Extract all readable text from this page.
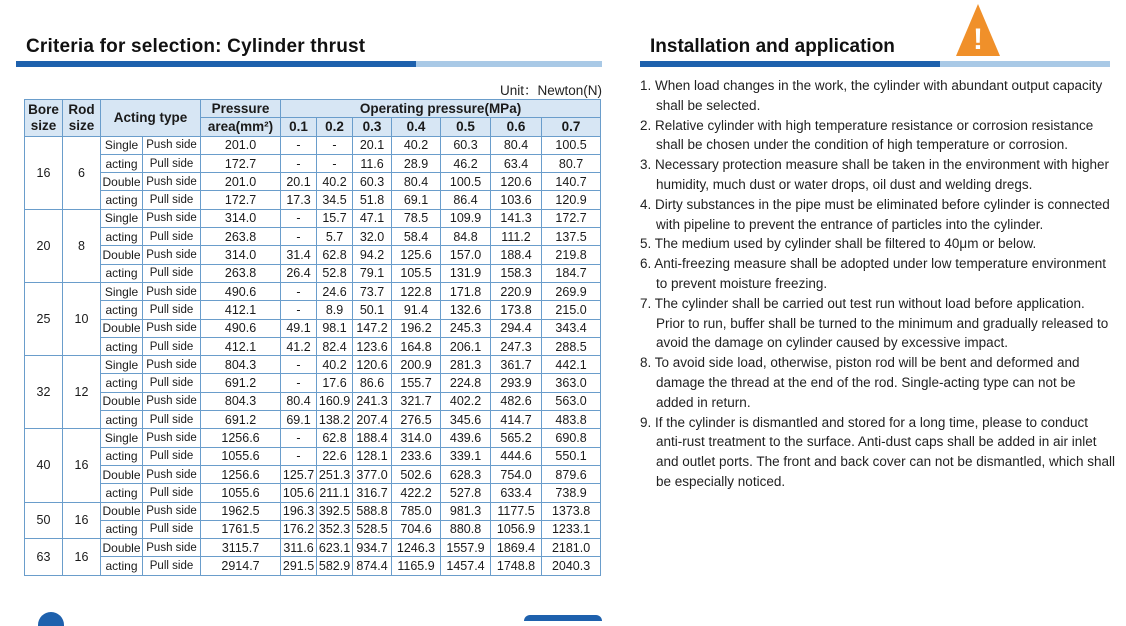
Criteria for selection: Cylinder thrust	Installation and application	!
Unit：Newton(N)
Bore
size	Rod
size	Acting type		Pressure	Operating pressure(MPa)						
				area(mm²)	0.1	0.2	0.3	0.4	0.5	0.6	0.7
16	6	Single	Push side	201.0	-	-	20.1	40.2	60.3	80.4	100.5
		acting	Pull side	172.7	-	-	11.6	28.9	46.2	63.4	80.7
		Double	Push side	201.0	20.1	40.2	60.3	80.4	100.5	120.6	140.7
		acting	Pull side	172.7	17.3	34.5	51.8	69.1	86.4	103.6	120.9
20	8	Single	Push side	314.0	-	15.7	47.1	78.5	109.9	141.3	172.7
		acting	Pull side	263.8	-	5.7	32.0	58.4	84.8	111.2	137.5
		Double	Push side	314.0	31.4	62.8	94.2	125.6	157.0	188.4	219.8
		acting	Pull side	263.8	26.4	52.8	79.1	105.5	131.9	158.3	184.7
25	10	Single	Push side	490.6	-	24.6	73.7	122.8	171.8	220.9	269.9
		acting	Pull side	412.1	-	8.9	50.1	91.4	132.6	173.8	215.0
		Double	Push side	490.6	49.1	98.1	147.2	196.2	245.3	294.4	343.4
		acting	Pull side	412.1	41.2	82.4	123.6	164.8	206.1	247.3	288.5
32	12	Single	Push side	804.3	-	40.2	120.6	200.9	281.3	361.7	442.1
		acting	Pull side	691.2	-	17.6	86.6	155.7	224.8	293.9	363.0
		Double	Push side	804.3	80.4	160.9	241.3	321.7	402.2	482.6	563.0
		acting	Pull side	691.2	69.1	138.2	207.4	276.5	345.6	414.7	483.8
40	16	Single	Push side	1256.6	-	62.8	188.4	314.0	439.6	565.2	690.8
		acting	Pull side	1055.6	-	22.6	128.1	233.6	339.1	444.6	550.1
		Double	Push side	1256.6	125.7	251.3	377.0	502.6	628.3	754.0	879.6
		acting	Pull side	1055.6	105.6	211.1	316.7	422.2	527.8	633.4	738.9
50	16	Double	Push side	1962.5	196.3	392.5	588.8	785.0	981.3	1177.5	1373.8
		acting	Pull side	1761.5	176.2	352.3	528.5	704.6	880.8	1056.9	1233.1
63	16	Double	Push side	3115.7	311.6	623.1	934.7	1246.3	1557.9	1869.4	2181.0
		acting	Pull side	2914.7	291.5	582.9	874.4	1165.9	1457.4	1748.8	2040.3
1. When load changes in the work, the cylinder with abundant output capacity shall be selected.
2. Relative cylinder with high temperature resistance or corrosion resistance shall be chosen under the condition of high temperature or corrosion.
3. Necessary protection measure shall be taken in the environment with higher humidity, much dust or water drops, oil dust and welding dregs.
4. Dirty substances in the pipe must be eliminated before cylinder is connected with pipeline to prevent the entrance of particles into the cylinder.
5. The medium used by cylinder shall be filtered to 40μm or below.
6. Anti-freezing measure shall be adopted under low temperature environment to prevent moisture freezing.
7. The cylinder shall be carried out test run without load before application. Prior to run, buffer shall be turned to the minimum and gradually released to avoid the damage on cylinder caused by excessive impact.
8. To avoid side load, otherwise, piston rod will be bent and deformed and damage the thread at the end of the rod. Single-acting type can not be added in return.
9. If the cylinder is dismantled and stored for a long time, please to conduct anti-rust treatment to the surface. Anti-dust caps shall be added in air inlet and outlet ports. The front and back cover can not be dismantled, which shall be especially noticed.
